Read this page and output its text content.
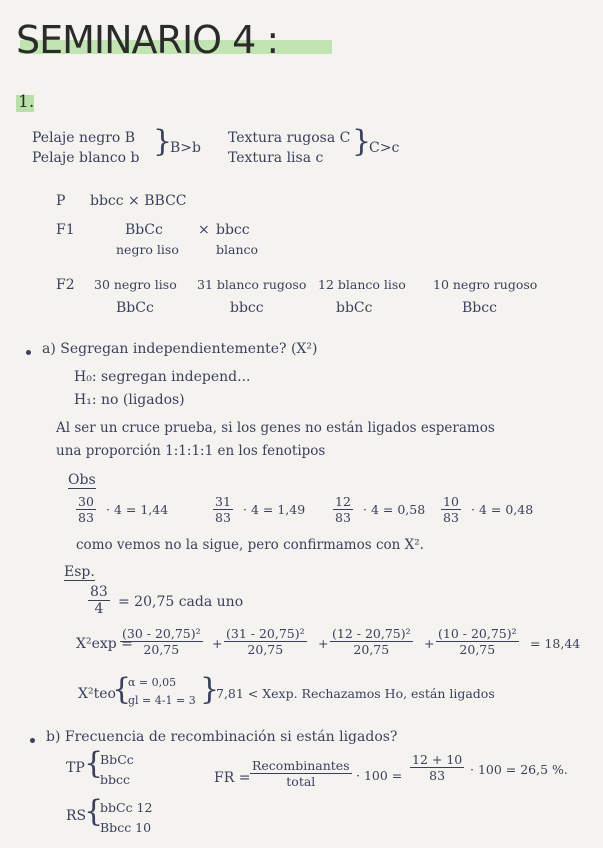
SEMINARIO 4 :
1.
Pelaje negro B
Pelaje blanco b }
B>b
Textura rugosa C
Textura lisa c }
C>c
P bbcc × BBCC
F1	BbCc	× bbcc
negro liso	blanco
F2 30 negro liso 31 blanco rugoso 12 blanco liso 10 negro rugoso
BbCc	bbcc	bbCc	Bbcc
a) Segregan independientemente? (X²)
H₀: segregan independ...
H₁: no (ligados)
Al ser un cruce prueba, si los genes no están ligados esperamos
una proporción 1:1:1:1 en los fenotipos
Obs
30
83
· 4 = 1,44
31
83
· 4 = 1,49
12
83
· 4 = 0,58
10
83
· 4 = 0,48
como vemos no la sigue, pero confirmamos con X².
Esp.
83
4	= 20,75 cada uno
X²exp =
(30 - 20,75)²
20,75	+
(31 - 20,75)²
20,75	+
(12 - 20,75)²
20,75	+
(10 - 20,75)²
20,75	= 18,44
X²teo
}
α = 0,05
gl = 4-1 = 3 }
7,81 < Xexp. Rechazamos Ho, están ligados
b) Frecuencia de recombinación si están ligados?
TP }
BbCc
bbcc	FR =
Recombinantes
total	· 100 =
12 + 10
83	· 100 = 26,5 %.
RS
}
bbCc 12
Bbcc 10
